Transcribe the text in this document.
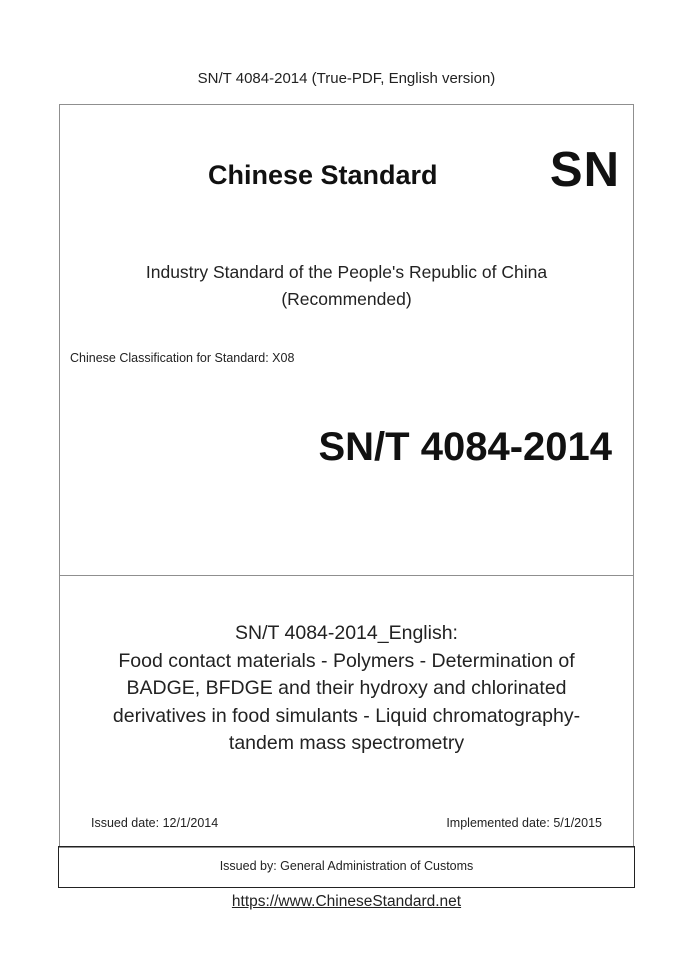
SN/T 4084-2014 (True-PDF, English version)
Chinese Standard SN
Industry Standard of the People's Republic of China
(Recommended)
Chinese Classification for Standard: X08
SN/T 4084-2014
SN/T 4084-2014_English:
Food contact materials - Polymers - Determination of
BADGE, BFDGE and their hydroxy and chlorinated
derivatives in food simulants - Liquid chromatography-
tandem mass spectrometry
Issued date: 12/1/2014	Implemented date: 5/1/2015
Issued by: General Administration of Customs
https://www.ChineseStandard.net
